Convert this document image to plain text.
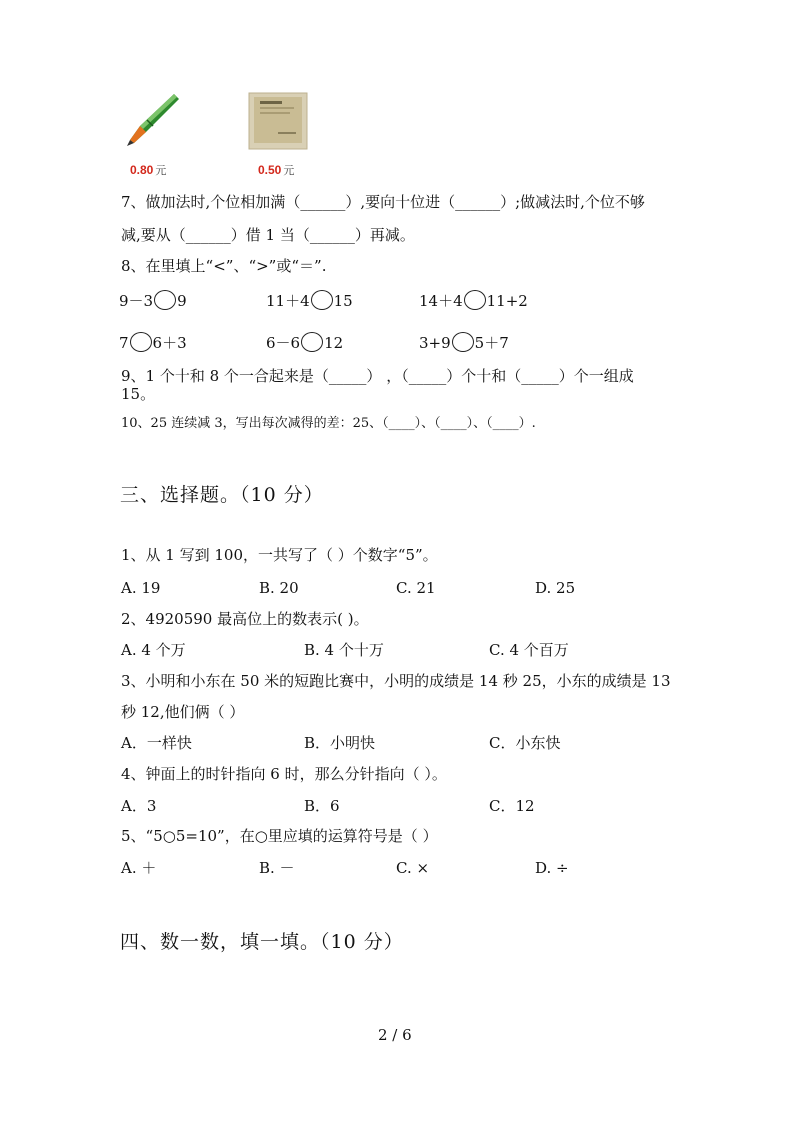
0.80 元	0.50 元
7、做加法时,个位相加满（______）,要向十位进（______）;做减法时,个位不够
减,要从（______）借 1 当（______）再减。
8、在里填上“<”、“>”或“＝”.
9－3 9	11＋4 15	14＋4 11+2
7 6＋3	6－6 12	3+9 5＋7
9、1 个十和 8 个一合起来是（_____） ，（_____）个十和（_____）个一组成
15。
10、25 连续减 3，写出每次减得的差：25、（____）、（____）、（____）.
三、选择题。（10 分）
1、从 1 写到 100，一共写了（ ）个数字“5”。
A. 19	B. 20	C. 21	D. 25
2、4920590 最高位上的数表示( )。
A. 4 个万	B. 4 个十万	C. 4 个百万
3、小明和小东在 50 米的短跑比赛中，小明的成绩是 14 秒 25，小东的成绩是 13
秒 12,他们俩（ ）
A．一样快	B．小明快	C．小东快
4、钟面上的时针指向 6 时，那么分针指向（ ）。
A．3	B．6	C．12
5、“5○5=10”，在○里应填的运算符号是（ ）
A. ＋	B. －	C. ×	D. ÷
四、数一数，填一填。（10 分）
2 / 6
